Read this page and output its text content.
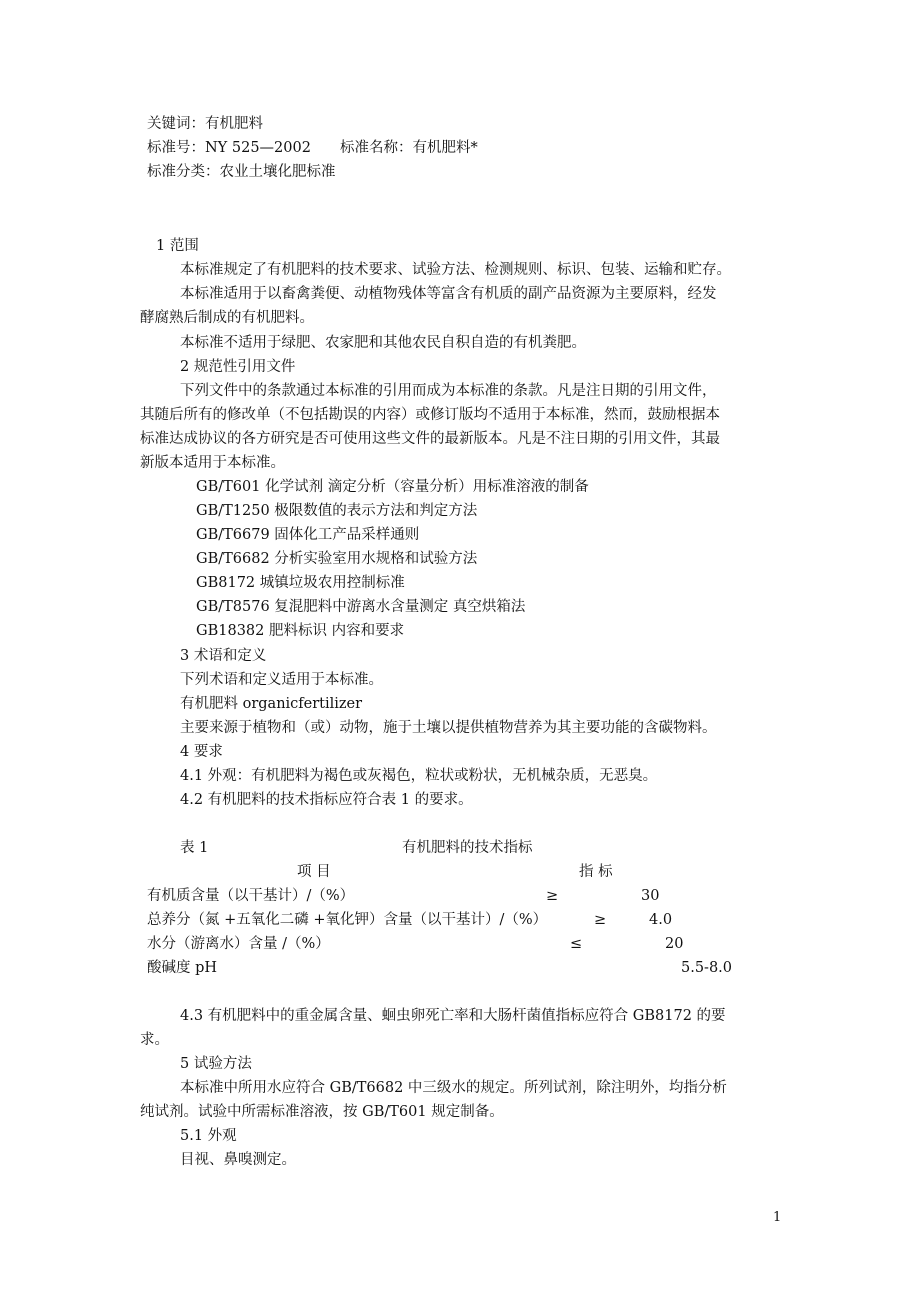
关键词：有机肥料
标准号：NY 525—2002　　标准名称：有机肥料*
标准分类：农业土壤化肥标准
1 范围
本标准规定了有机肥料的技术要求、试验方法、检测规则、标识、包装、运输和贮存。
本标准适用于以畜禽粪便、动植物残体等富含有机质的副产品资源为主要原料，经发
酵腐熟后制成的有机肥料。
本标准不适用于绿肥、农家肥和其他农民自积自造的有机粪肥。
2 规范性引用文件
下列文件中的条款通过本标准的引用而成为本标准的条款。凡是注日期的引用文件，
其随后所有的修改单（不包括勘误的内容）或修订版均不适用于本标准，然而，鼓励根据本
标准达成协议的各方研究是否可使用这些文件的最新版本。凡是不注日期的引用文件，其最
新版本适用于本标准。
GB/T601 化学试剂 滴定分析（容量分析）用标准溶液的制备
GB/T1250 极限数值的表示方法和判定方法
GB/T6679 固体化工产品采样通则
GB/T6682 分析实验室用水规格和试验方法
GB8172 城镇垃圾农用控制标准
GB/T8576 复混肥料中游离水含量测定 真空烘箱法
GB18382 肥料标识 内容和要求
3 术语和定义
下列术语和定义适用于本标准。
有机肥料 organicfertilizer
主要来源于植物和（或）动物，施于土壤以提供植物营养为其主要功能的含碳物料。
4 要求
4.1 外观：有机肥料为褐色或灰褐色，粒状或粉状，无机械杂质，无恶臭。
4.2 有机肥料的技术指标应符合表 1 的要求。
表 1	有机肥料的技术指标
项 目	指 标
有机质含量（以干基计）/（%）	≥	30
总养分（氮 +五氧化二磷 +氧化钾）含量（以干基计）/（%）	≥	4.0
水分（游离水）含量 /（%）	≤	20
酸碱度 pH	5.5-8.0
4.3 有机肥料中的重金属含量、蛔虫卵死亡率和大肠杆菌值指标应符合 GB8172 的要
求。
5 试验方法
本标准中所用水应符合 GB/T6682 中三级水的规定。所列试剂，除注明外，均指分析
纯试剂。试验中所需标准溶液，按 GB/T601 规定制备。
5.1 外观
目视、鼻嗅测定。
1
